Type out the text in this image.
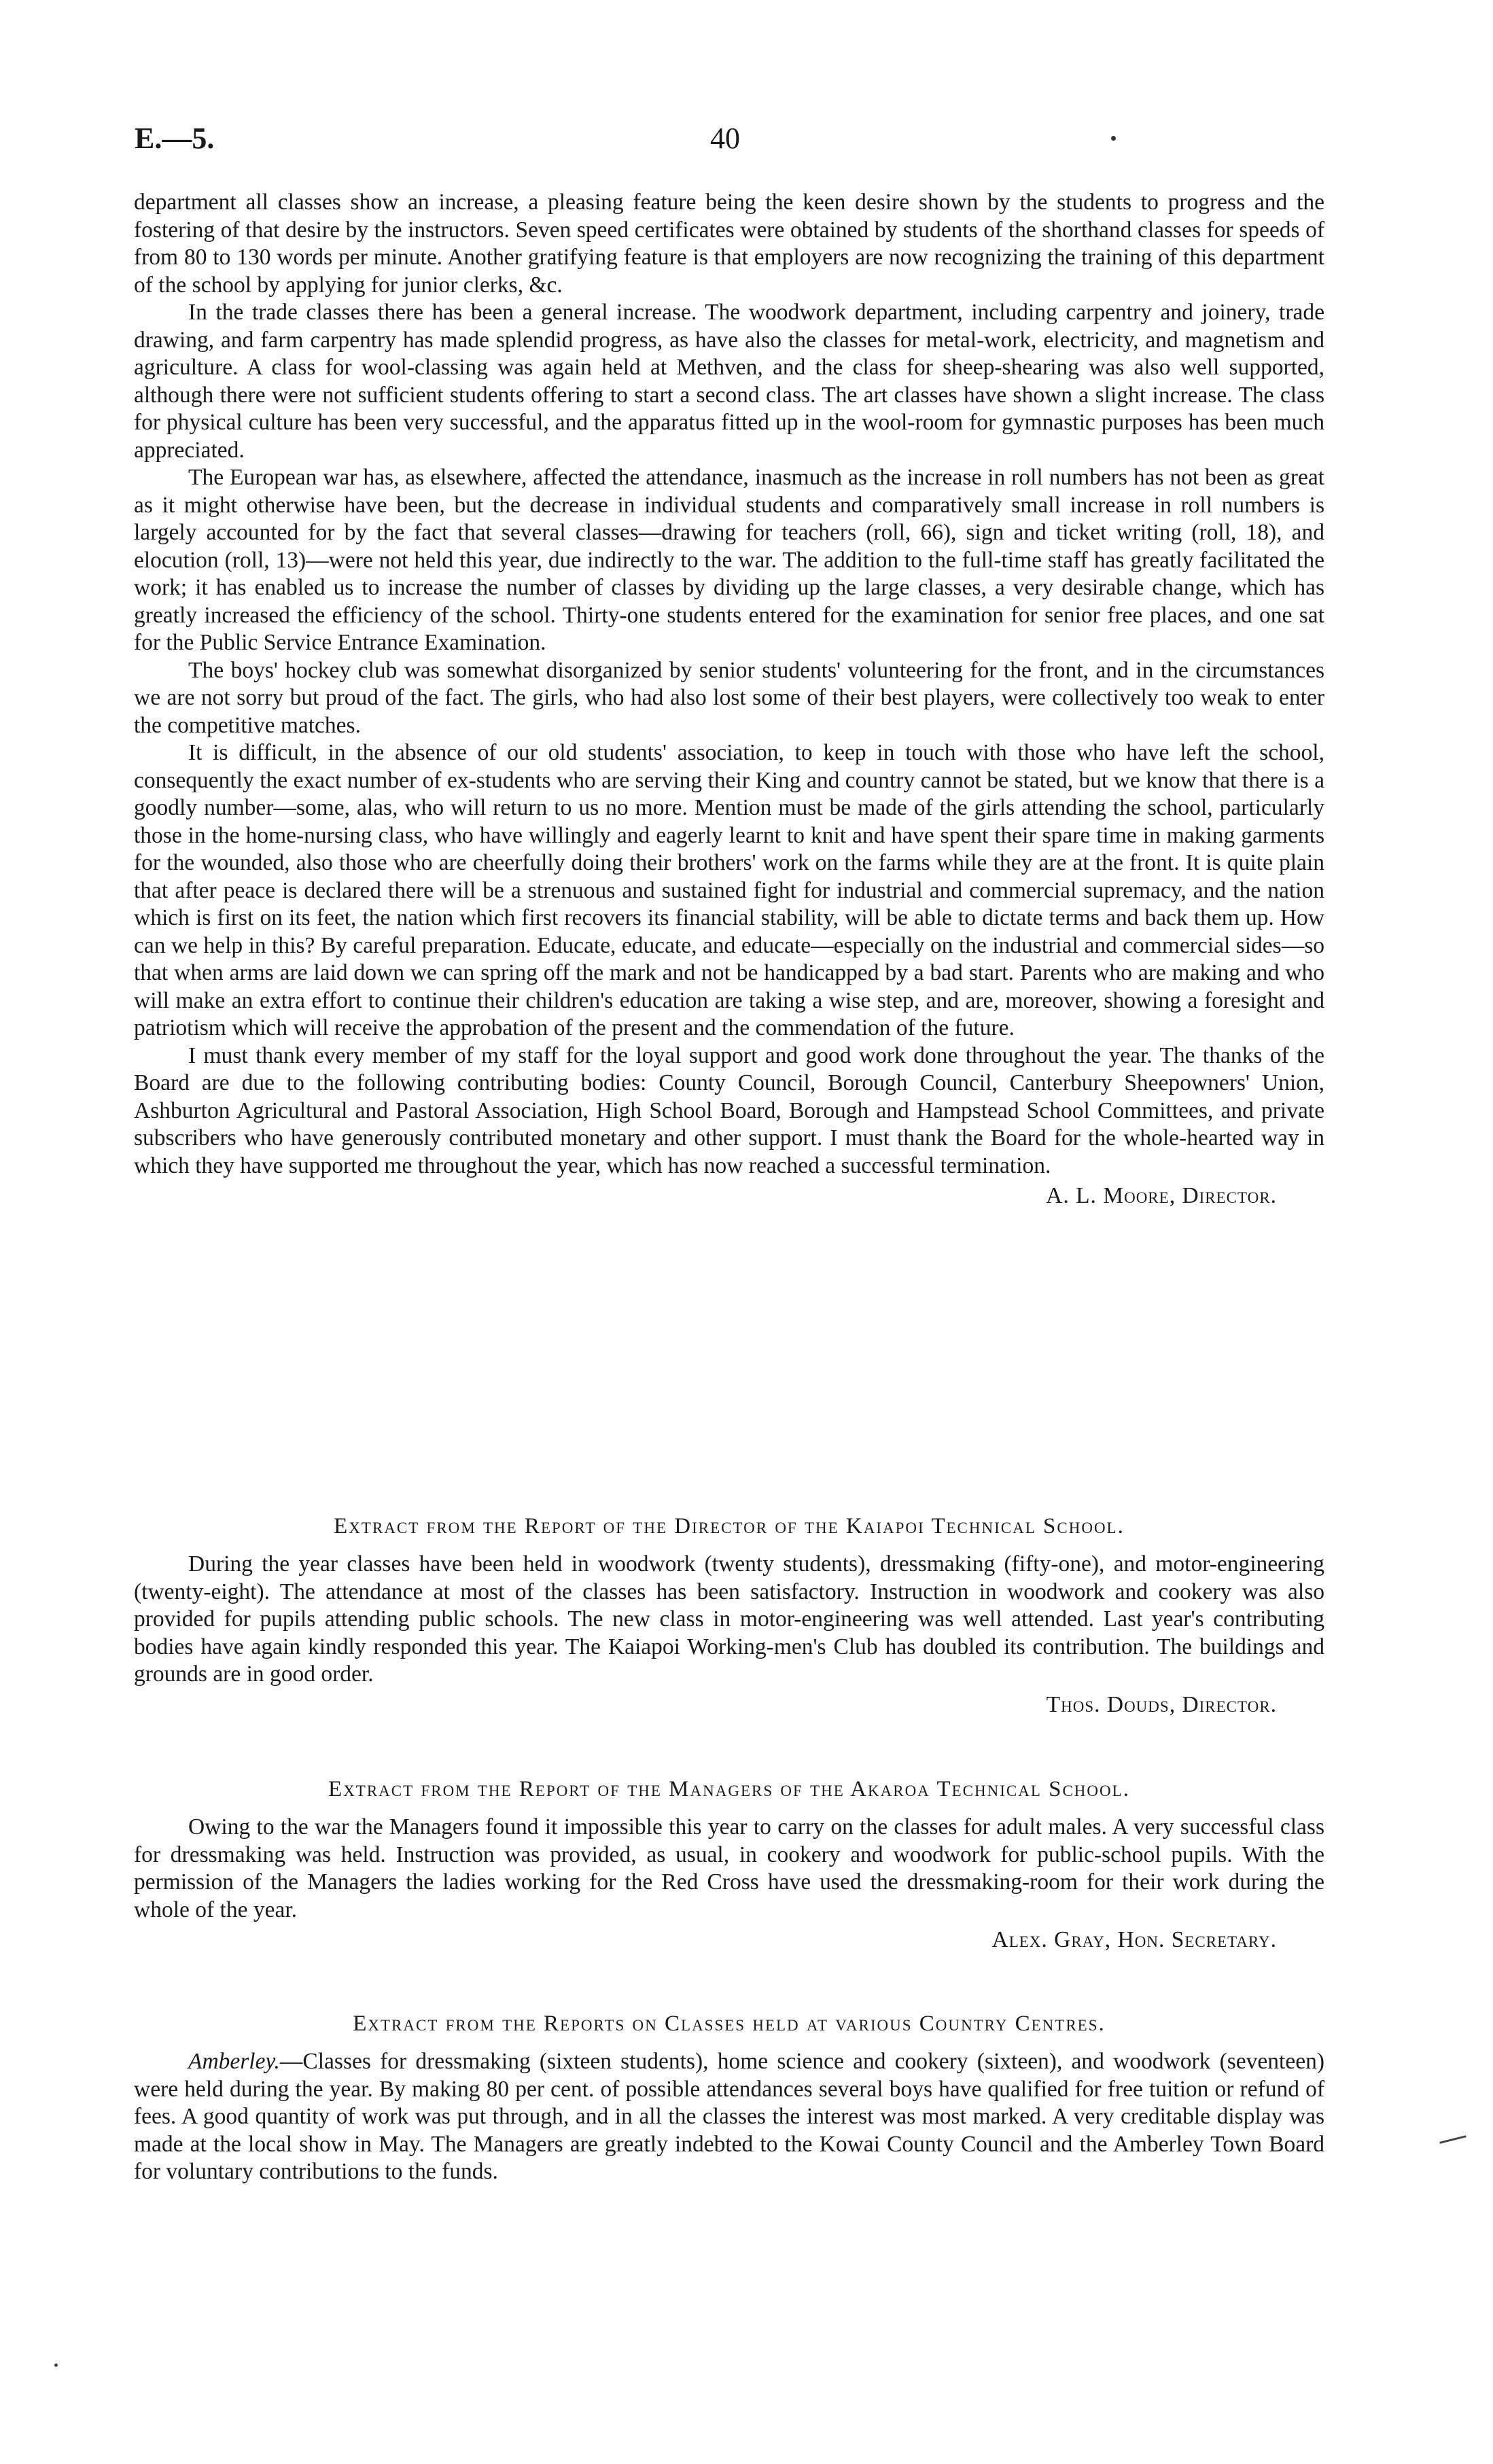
E.—5.	40

department all classes show an increase, a pleasing feature being the keen desire shown by the students to progress and the fostering of that desire by the instructors. Seven speed certificates were obtained by students of the shorthand classes for speeds of from 80 to 130 words per minute. Another gratifying feature is that employers are now recognizing the training of this department of the school by applying for junior clerks, &c.

In the trade classes there has been a general increase. The woodwork department, including carpentry and joinery, trade drawing, and farm carpentry has made splendid progress, as have also the classes for metal-work, electricity, and magnetism and agriculture. A class for wool-classing was again held at Methven, and the class for sheep-shearing was also well supported, although there were not sufficient students offering to start a second class. The art classes have shown a slight increase. The class for physical culture has been very successful, and the apparatus fitted up in the wool-room for gymnastic purposes has been much appreciated.

The European war has, as elsewhere, affected the attendance, inasmuch as the increase in roll numbers has not been as great as it might otherwise have been, but the decrease in individual students and comparatively small increase in roll numbers is largely accounted for by the fact that several classes—drawing for teachers (roll, 66), sign and ticket writing (roll, 18), and elocution (roll, 13)—were not held this year, due indirectly to the war. The addition to the full-time staff has greatly facilitated the work; it has enabled us to increase the number of classes by dividing up the large classes, a very desirable change, which has greatly increased the efficiency of the school. Thirty-one students entered for the examination for senior free places, and one sat for the Public Service Entrance Examination.

The boys' hockey club was somewhat disorganized by senior students' volunteering for the front, and in the circumstances we are not sorry but proud of the fact. The girls, who had also lost some of their best players, were collectively too weak to enter the competitive matches.

It is difficult, in the absence of our old students' association, to keep in touch with those who have left the school, consequently the exact number of ex-students who are serving their King and country cannot be stated, but we know that there is a goodly number—some, alas, who will return to us no more. Mention must be made of the girls attending the school, particularly those in the home-nursing class, who have willingly and eagerly learnt to knit and have spent their spare time in making garments for the wounded, also those who are cheerfully doing their brothers' work on the farms while they are at the front. It is quite plain that after peace is declared there will be a strenuous and sustained fight for industrial and commercial supremacy, and the nation which is first on its feet, the nation which first recovers its financial stability, will be able to dictate terms and back them up. How can we help in this? By careful preparation. Educate, educate, and educate—especially on the industrial and commercial sides—so that when arms are laid down we can spring off the mark and not be handicapped by a bad start. Parents who are making and who will make an extra effort to continue their children's education are taking a wise step, and are, moreover, showing a foresight and patriotism which will receive the approbation of the present and the commendation of the future.

I must thank every member of my staff for the loyal support and good work done throughout the year. The thanks of the Board are due to the following contributing bodies: County Council, Borough Council, Canterbury Sheepowners' Union, Ashburton Agricultural and Pastoral Association, High School Board, Borough and Hampstead School Committees, and private subscribers who have generously contributed monetary and other support. I must thank the Board for the whole-hearted way in which they have supported me throughout the year, which has now reached a successful termination.

A. L. Moore, Director.
Extract from the Report of the Director of the Kaiapoi Technical School.

During the year classes have been held in woodwork (twenty students), dressmaking (fifty-one), and motor-engineering (twenty-eight). The attendance at most of the classes has been satisfactory. Instruction in woodwork and cookery was also provided for pupils attending public schools. The new class in motor-engineering was well attended. Last year's contributing bodies have again kindly responded this year. The Kaiapoi Working-men's Club has doubled its contribution. The buildings and grounds are in good order.

Thos. Douds, Director.
Extract from the Report of the Managers of the Akaroa Technical School.

Owing to the war the Managers found it impossible this year to carry on the classes for adult males. A very successful class for dressmaking was held. Instruction was provided, as usual, in cookery and woodwork for public-school pupils. With the permission of the Managers the ladies working for the Red Cross have used the dressmaking-room for their work during the whole of the year.

Alex. Gray, Hon. Secretary.
Extract from the Reports on Classes held at various Country Centres.

Amberley.—Classes for dressmaking (sixteen students), home science and cookery (sixteen), and woodwork (seventeen) were held during the year. By making 80 per cent. of possible attendances several boys have qualified for free tuition or refund of fees. A good quantity of work was put through, and in all the classes the interest was most marked. A very creditable display was made at the local show in May. The Managers are greatly indebted to the Kowai County Council and the Amberley Town Board for voluntary contributions to the funds.
